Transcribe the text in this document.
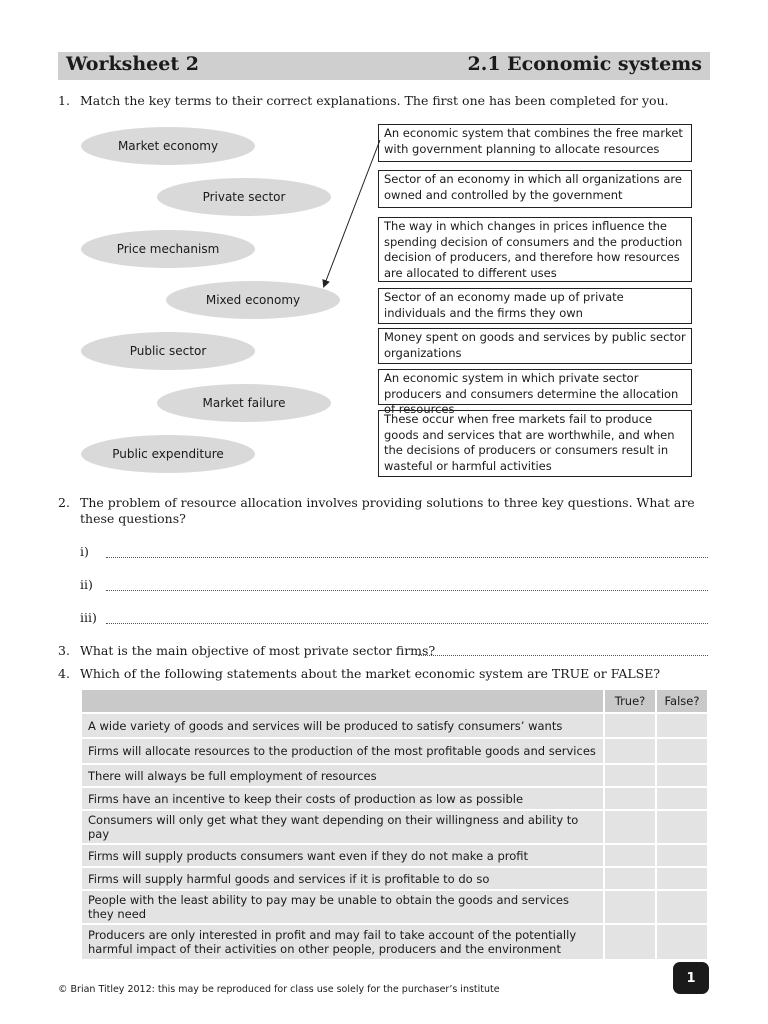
Worksheet 2	2.1 Economic systems
1. Match the key terms to their correct explanations. The first one has been completed for you.
Market economy
Private sector
Price mechanism
Mixed economy
Public sector
Market failure
Public expenditure
An economic system that combines the free market with government planning to allocate resources
Sector of an economy in which all organizations are owned and controlled by the government
The way in which changes in prices influence the spending decision of consumers and the production decision of producers, and therefore how resources are allocated to different uses
Sector of an economy made up of private individuals and the firms they own
Money spent on goods and services by public sector organizations
An economic system in which private sector producers and consumers determine the allocation of resources
These occur when free markets fail to produce goods and services that are worthwhile, and when the decisions of producers or consumers result in wasteful or harmful activities
2. The problem of resource allocation involves providing solutions to three key questions. What are these questions?
i)
ii)
iii)
3. What is the main objective of most private sector firms?
4. Which of the following statements about the market economic system are TRUE or FALSE?
	True?	False?
A wide variety of goods and services will be produced to satisfy consumers’ wants		
Firms will allocate resources to the production of the most profitable goods and services		
There will always be full employment of resources		
Firms have an incentive to keep their costs of production as low as possible		
Consumers will only get what they want depending on their willingness and ability to pay		
Firms will supply products consumers want even if they do not make a profit		
Firms will supply harmful goods and services if it is profitable to do so		
People with the least ability to pay may be unable to obtain the goods and services they need		
Producers are only interested in profit and may fail to take account of the potentially harmful impact of their activities on other people, producers and the environment		
© Brian Titley 2012: this may be reproduced for class use solely for the purchaser’s institute
1
